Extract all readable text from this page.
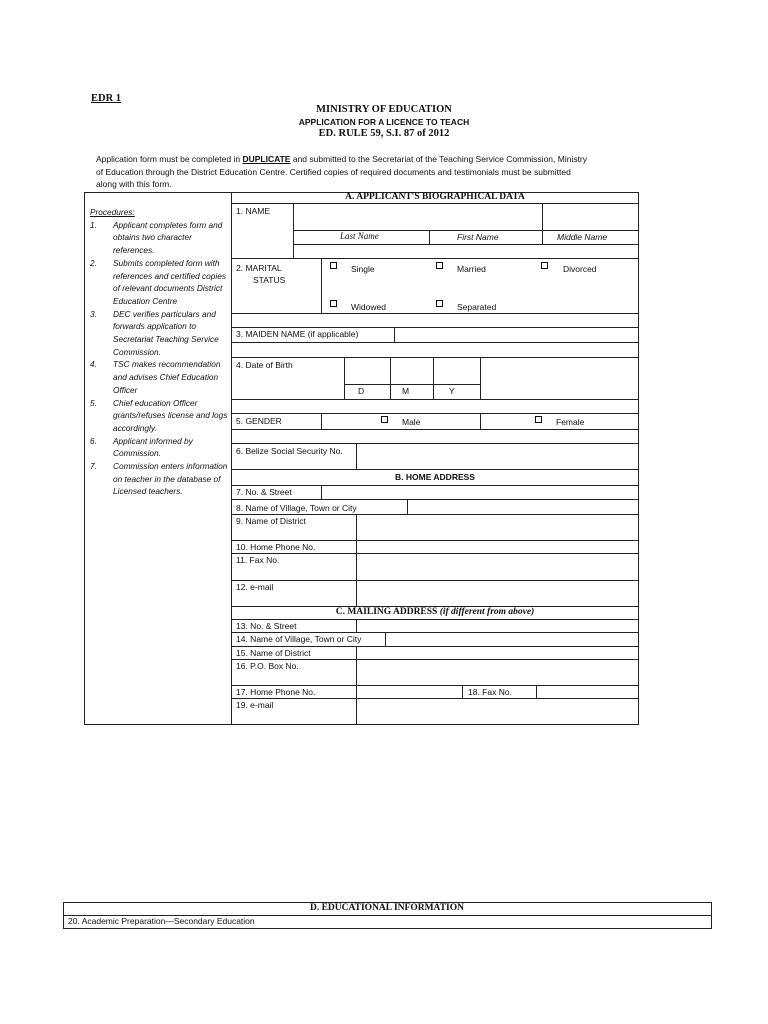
EDR 1
MINISTRY OF EDUCATION
APPLICATION FOR A LICENCE TO TEACH
ED. RULE 59, S.I. 87 of 2012
Application form must be completed in DUPLICATE and submitted to the Secretariat of the Teaching Service Commission, Ministry
of Education through the District Education Centre. Certified copies of required documents and testimonials must be submitted
along with this form.
Procedures:
1.	Applicant completes form and obtains two character references.
2.	Submits completed form with references and certified copies of relevant documents District Education Centre
3.	DEC verifies particulars and forwards application to Secretariat Teaching Service Commission.
4.	TSC makes recommendation and advises Chief Education Officer
5.	Chief education Officer grants/refuses license and logs accordingly.
6.	Applicant informed by Commission.
7.	Commission enters information on teacher in the database of Licensed teachers.
A. APPLICANT'S BIOGRAPHICAL DATA
1. NAME
Last Name	First Name	Middle Name
2. MARITAL
STATUS
Single	Married	Divorced
Widowed	Separated
3. MAIDEN NAME (if applicable)
4. Date of Birth
D	M	Y
5. GENDER	Male	Female
6. Belize Social Security No.
B. HOME ADDRESS
7. No. & Street
8. Name of Village, Town or City
9. Name of District
10. Home Phone No.
11. Fax No.
12. e-mail
C. MAILING ADDRESS (if different from above)
13. No. & Street
14. Name of Village, Town or City
15. Name of District
16. P.O. Box No.
17. Home Phone No.	18. Fax No.
19. e-mail
D. EDUCATIONAL INFORMATION
20. Academic Preparation—Secondary Education
